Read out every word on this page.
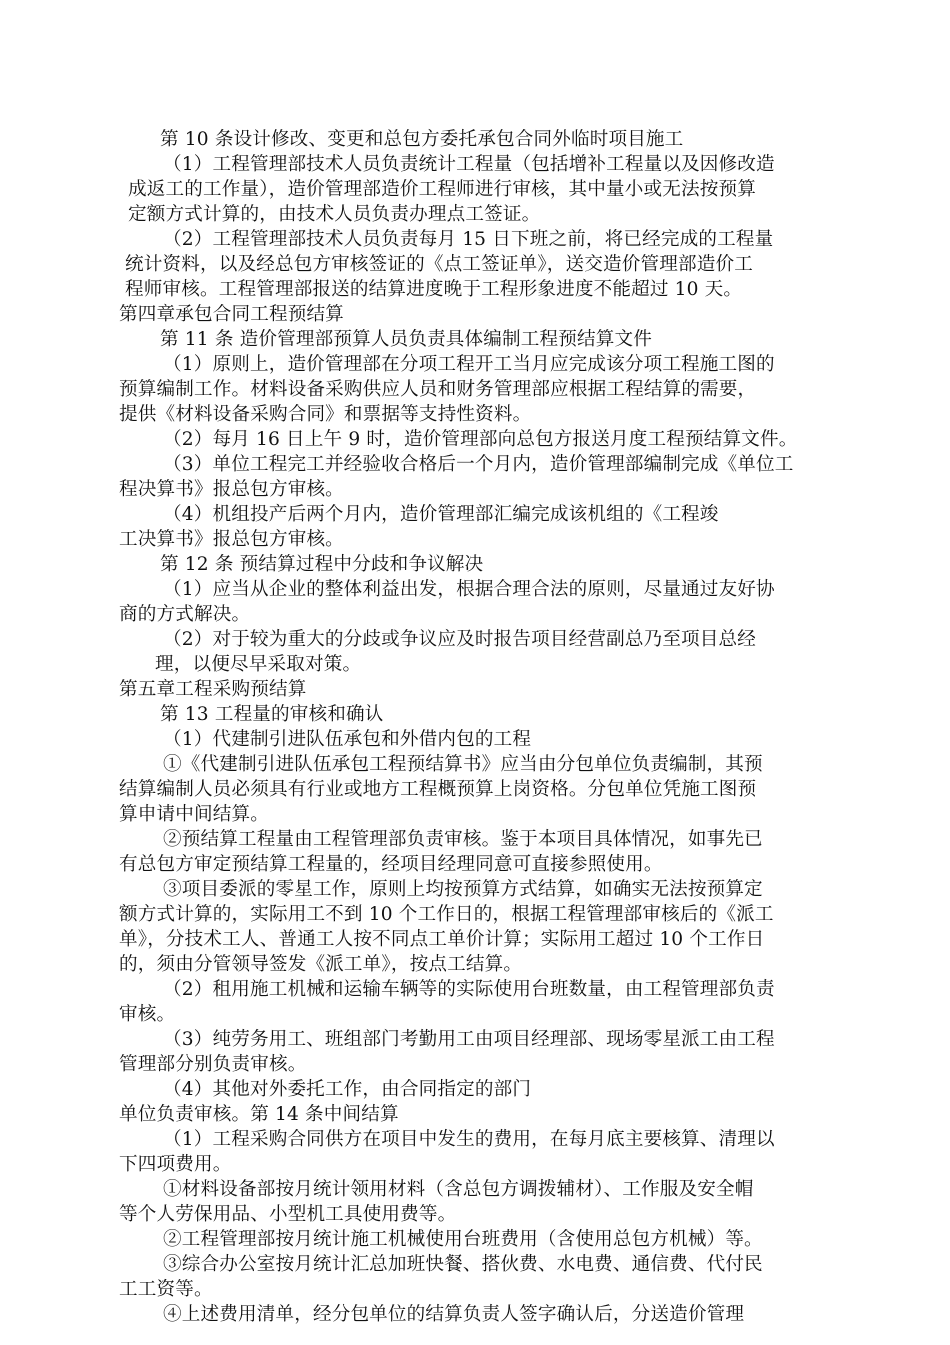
第 10 条设计修改、变更和总包方委托承包合同外临时项目施工
（1）工程管理部技术人员负责统计工程量（包括增补工程量以及因修改造
成返工的工作量），造价管理部造价工程师进行审核，其中量小或无法按预算
定额方式计算的，由技术人员负责办理点工签证。
（2）工程管理部技术人员负责每月 15 日下班之前，将已经完成的工程量
统计资料，以及经总包方审核签证的《点工签证单》，送交造价管理部造价工
程师审核。工程管理部报送的结算进度晚于工程形象进度不能超过 10 天。
第四章承包合同工程预结算
第 11 条 造价管理部预算人员负责具体编制工程预结算文件
（1）原则上，造价管理部在分项工程开工当月应完成该分项工程施工图的
预算编制工作。材料设备采购供应人员和财务管理部应根据工程结算的需要，
提供《材料设备采购合同》和票据等支持性资料。
（2）每月 16 日上午 9 时，造价管理部向总包方报送月度工程预结算文件。
（3）单位工程完工并经验收合格后一个月内，造价管理部编制完成《单位工
程决算书》报总包方审核。
（4）机组投产后两个月内，造价管理部汇编完成该机组的《工程竣
工决算书》报总包方审核。
第 12 条 预结算过程中分歧和争议解决
（1）应当从企业的整体利益出发，根据合理合法的原则，尽量通过友好协
商的方式解决。
（2）对于较为重大的分歧或争议应及时报告项目经营副总乃至项目总经
理，以便尽早采取对策。
第五章工程采购预结算
第 13 工程量的审核和确认
（1）代建制引进队伍承包和外借内包的工程
①《代建制引进队伍承包工程预结算书》应当由分包单位负责编制，其预
结算编制人员必须具有行业或地方工程概预算上岗资格。分包单位凭施工图预
算申请中间结算。
②预结算工程量由工程管理部负责审核。鉴于本项目具体情况，如事先已
有总包方审定预结算工程量的，经项目经理同意可直接参照使用。
③项目委派的零星工作，原则上均按预算方式结算，如确实无法按预算定
额方式计算的，实际用工不到 10 个工作日的，根据工程管理部审核后的《派工
单》，分技术工人、普通工人按不同点工单价计算；实际用工超过 10 个工作日
的，须由分管领导签发《派工单》，按点工结算。
（2）租用施工机械和运输车辆等的实际使用台班数量，由工程管理部负责
审核。
（3）纯劳务用工、班组部门考勤用工由项目经理部、现场零星派工由工程
管理部分别负责审核。
（4）其他对外委托工作，由合同指定的部门
单位负责审核。第 14 条中间结算
（1）工程采购合同供方在项目中发生的费用，在每月底主要核算、清理以
下四项费用。
①材料设备部按月统计领用材料（含总包方调拨辅材）、工作服及安全帽
等个人劳保用品、小型机工具使用费等。
②工程管理部按月统计施工机械使用台班费用（含使用总包方机械）等。
③综合办公室按月统计汇总加班快餐、搭伙费、水电费、通信费、代付民
工工资等。
④上述费用清单，经分包单位的结算负责人签字确认后，分送造价管理
